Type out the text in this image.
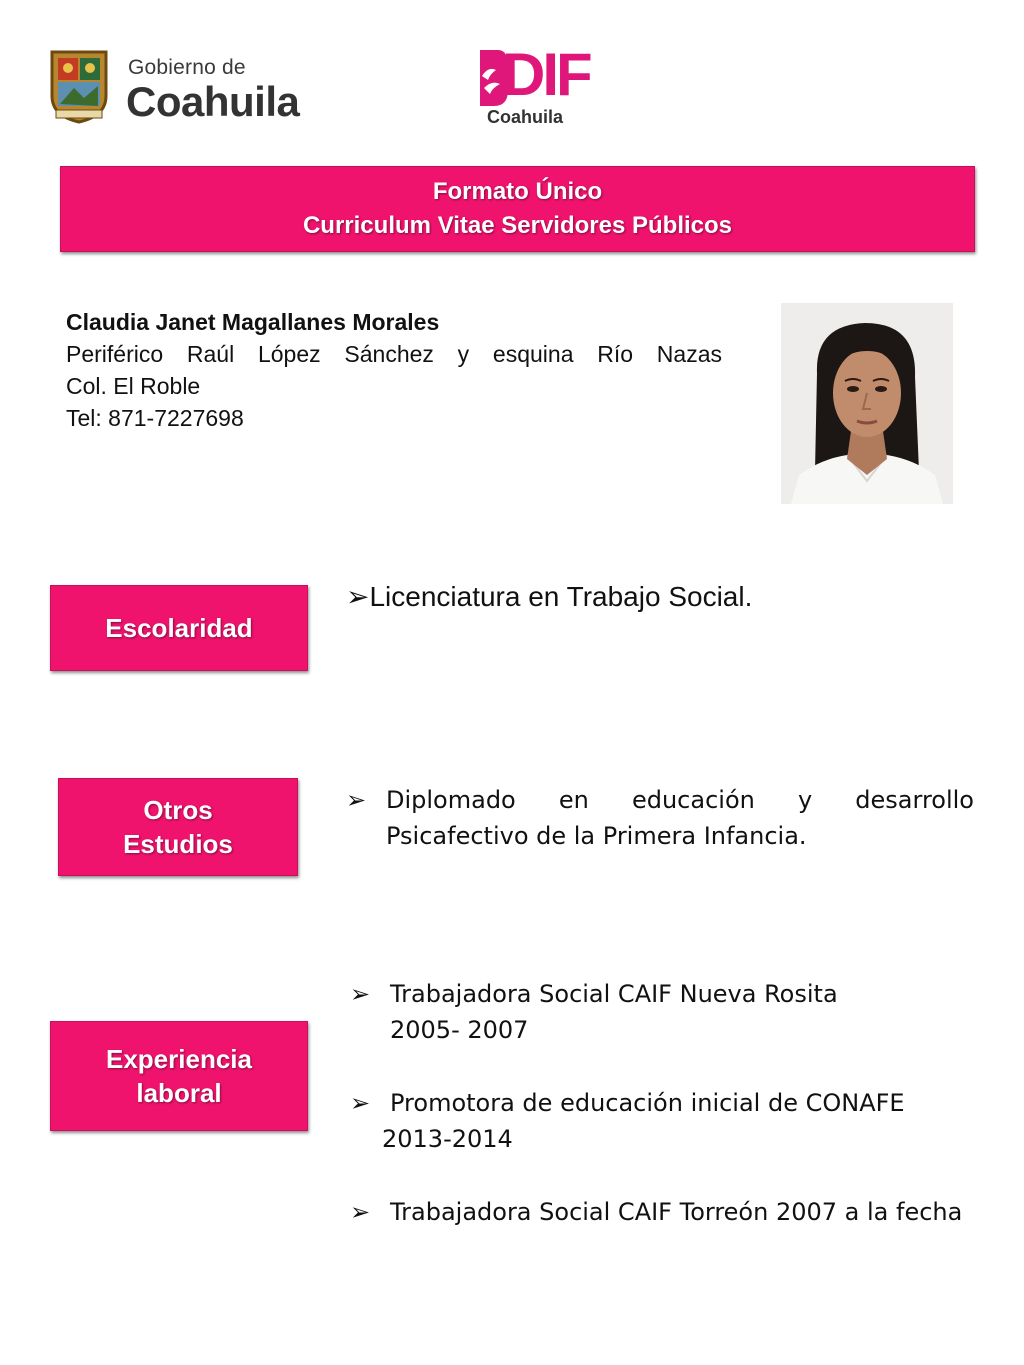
Gobierno de
Coahuila	DIF
Coahuila
Formato Único
Curriculum Vitae Servidores Públicos
Claudia Janet Magallanes Morales
Periférico Raúl López Sánchez y esquina Río Nazas
Col. El Roble
Tel: 871-7227698
Escolaridad
➢Licenciatura en Trabajo Social.
Otros
Estudios
➢ Diplomado en educación y desarrollo
Psicafectivo de la Primera Infancia.
Experiencia
laboral
➢ Trabajadora Social CAIF Nueva Rosita
2005- 2007
➢ Promotora de educación inicial de CONAFE
2013-2014
➢ Trabajadora Social CAIF Torreón 2007 a la fecha
